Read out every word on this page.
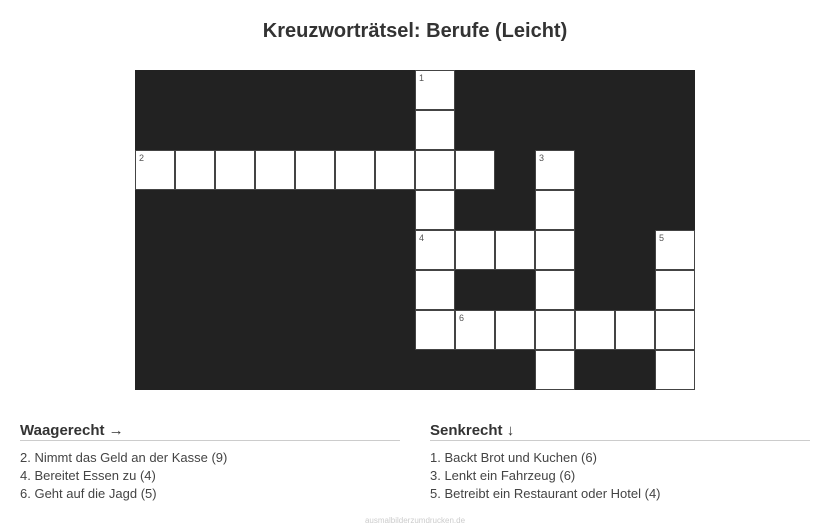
Kreuzworträtsel: Berufe (Leicht)
1
2	3
4	5
6
Waagerecht →
2. Nimmt das Geld an der Kasse (9)
4. Bereitet Essen zu (4)
6. Geht auf die Jagd (5)
Senkrecht ↓
1. Backt Brot und Kuchen (6)
3. Lenkt ein Fahrzeug (6)
5. Betreibt ein Restaurant oder Hotel (4)
ausmalbilderzumdrucken.de
